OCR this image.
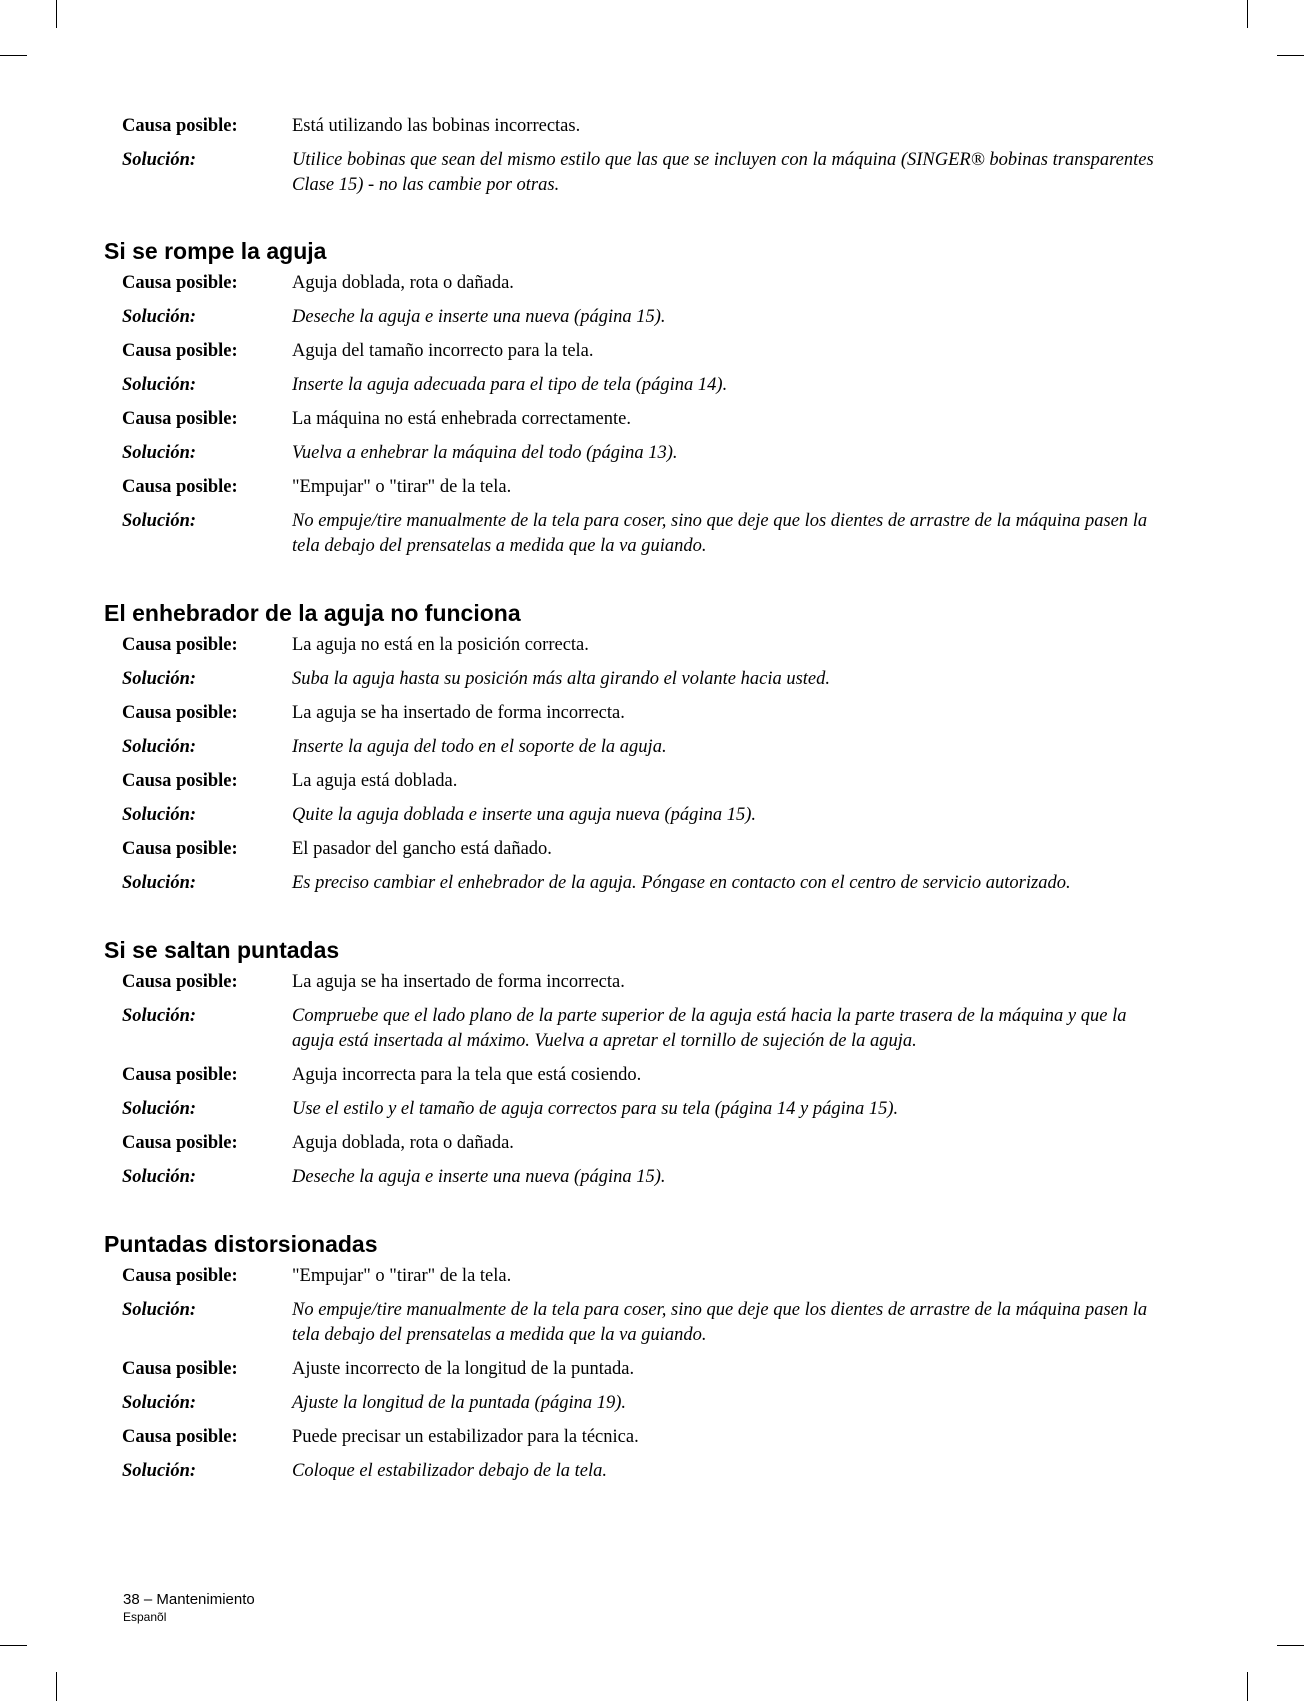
Causa posible:	Está utilizando las bobinas incorrectas.
Solución:	Utilice bobinas que sean del mismo estilo que las que se incluyen con la máquina (SINGER® bobinas transparentes Clase 15) - no las cambie por otras.
Si se rompe la aguja
Causa posible:	Aguja doblada, rota o dañada.
Solución:	Deseche la aguja e inserte una nueva (página 15).
Causa posible:	Aguja del tamaño incorrecto para la tela.
Solución:	Inserte la aguja adecuada para el tipo de tela (página 14).
Causa posible:	La máquina no está enhebrada correctamente.
Solución:	Vuelva a enhebrar la máquina del todo (página 13).
Causa posible:	"Empujar" o "tirar" de la tela.
Solución:	No empuje/tire manualmente de la tela para coser, sino que deje que los dientes de arrastre de la máquina pasen la tela debajo del prensatelas a medida que la va guiando.
El enhebrador de la aguja no funciona
Causa posible:	La aguja no está en la posición correcta.
Solución:	Suba la aguja hasta su posición más alta girando el volante hacia usted.
Causa posible:	La aguja se ha insertado de forma incorrecta.
Solución:	Inserte la aguja del todo en el soporte de la aguja.
Causa posible:	La aguja está doblada.
Solución:	Quite la aguja doblada e inserte una aguja nueva (página 15).
Causa posible:	El pasador del gancho está dañado.
Solución:	Es preciso cambiar el enhebrador de la aguja. Póngase en contacto con el centro de servicio autorizado.
Si se saltan puntadas
Causa posible:	La aguja se ha insertado de forma incorrecta.
Solución:	Compruebe que el lado plano de la parte superior de la aguja está hacia la parte trasera de la máquina y que la aguja está insertada al máximo. Vuelva a apretar el tornillo de sujeción de la aguja.
Causa posible:	Aguja incorrecta para la tela que está cosiendo.
Solución:	Use el estilo y el tamaño de aguja correctos para su tela (página 14 y página 15).
Causa posible:	Aguja doblada, rota o dañada.
Solución:	Deseche la aguja e inserte una nueva (página 15).
Puntadas distorsionadas
Causa posible:	"Empujar" o "tirar" de la tela.
Solución:	No empuje/tire manualmente de la tela para coser, sino que deje que los dientes de arrastre de la máquina pasen la tela debajo del prensatelas a medida que la va guiando.
Causa posible:	Ajuste incorrecto de la longitud de la puntada.
Solución:	Ajuste la longitud de la puntada (página 19).
Causa posible:	Puede precisar un estabilizador para la técnica.
Solución:	Coloque el estabilizador debajo de la tela.
38 – Mantenimiento
Espanõl
